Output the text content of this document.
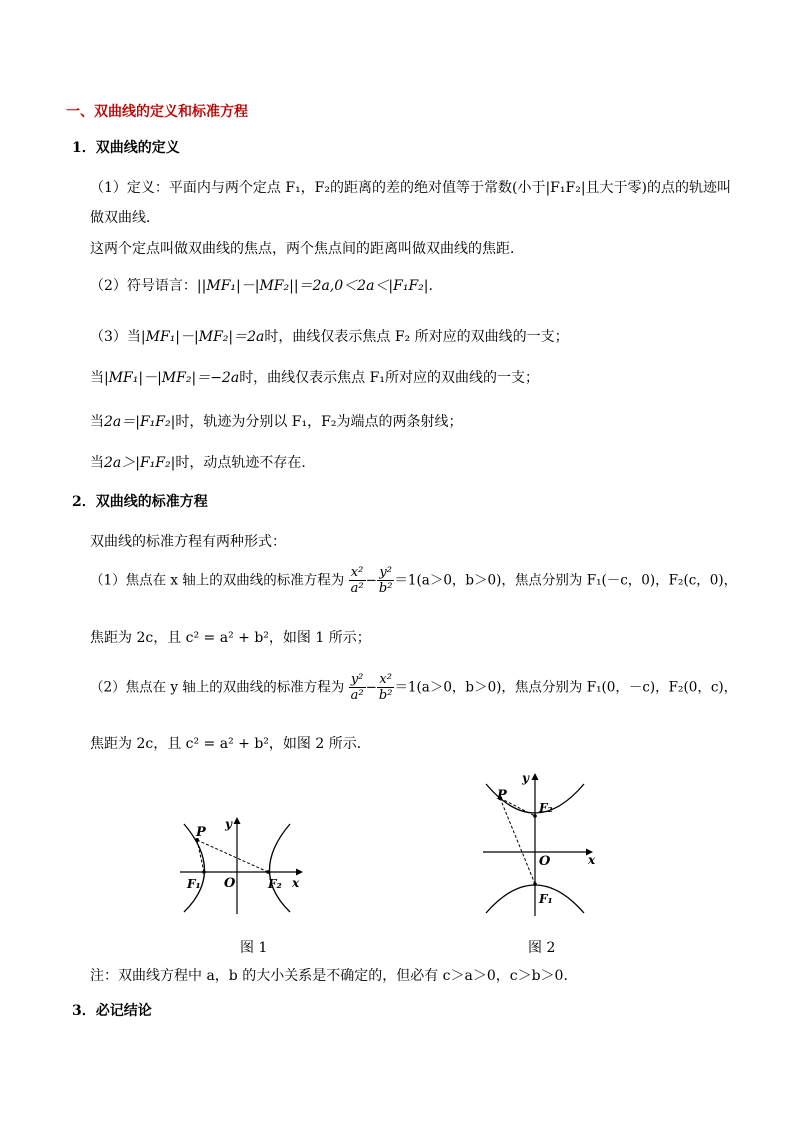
一、双曲线的定义和标准方程
1．双曲线的定义
（1）定义：平面内与两个定点 F₁，F₂的距离的差的绝对值等于常数(小于|F₁F₂|且大于零)的点的轨迹叫
做双曲线．
这两个定点叫做双曲线的焦点，两个焦点间的距离叫做双曲线的焦距．
（2）符号语言：||MF₁|－|MF₂||＝2a,0＜2a＜|F₁F₂|.
（3）当|MF₁|－|MF₂|＝2a时，曲线仅表示焦点 F₂ 所对应的双曲线的一支；
当|MF₁|－|MF₂|＝−2a时，曲线仅表示焦点 F₁所对应的双曲线的一支；
当2a＝|F₁F₂|时，轨迹为分别以 F₁，F₂为端点的两条射线；
当2a＞|F₁F₂|时，动点轨迹不存在．
2．双曲线的标准方程
双曲线的标准方程有两种形式：
（1）焦点在 x 轴上的双曲线的标准方程为 $\frac{\text{x²}}{\text{a²}} - \frac{\text{y²}}{\text{b²}} =1(a>0$，b＞0)，焦点分别为 F₁(－c，0)，F₂(c，0)，
焦距为 2c，且 c² = a² + b²，如图 1 所示；
（2）焦点在 y 轴上的双曲线的标准方程为 $\frac{\text{y²}}{\text{a²}} - \frac{\text{x²}}{\text{b²}} =1(a>0$，b＞0)，焦点分别为 F₁(0，－c)，F₂(0，c)，
焦距为 2c，且 c² = a² + b²，如图 2 所示．
P
y
x
O
F₁	F₂
图 1
P
y
x
O
F₂
F₁
图 2
注：双曲线方程中 a，b 的大小关系是不确定的，但必有 c＞a＞0，c＞b＞0．
3．必记结论
